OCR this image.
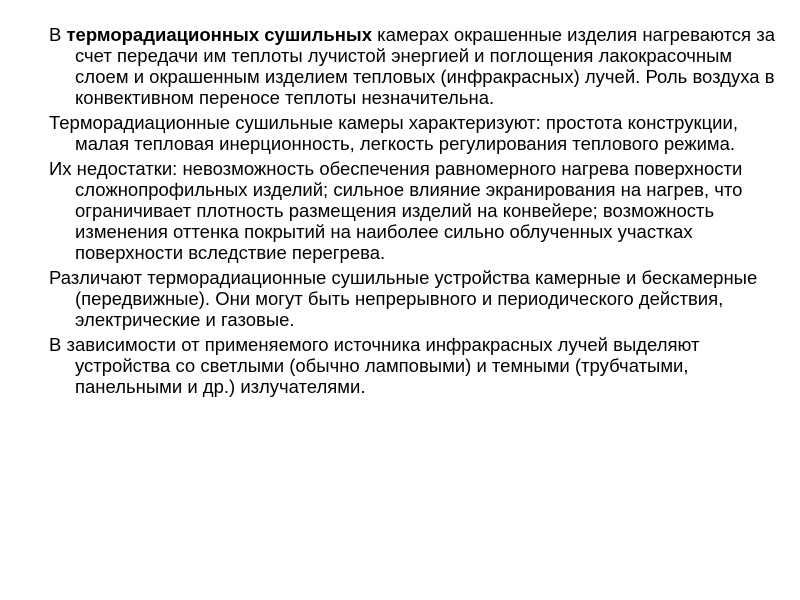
В терморадиационных сушильных камерах окрашенные изделия нагреваются за счет передачи им теплоты лучистой энергией и поглощения лакокрасочным слоем и окрашенным изделием тепловых (инфракрасных) лучей. Роль воздуха в конвективном переносе теплоты незначительна.

Терморадиационные сушильные камеры характеризуют: простота конструкции, малая тепловая инерционность, легкость регулирования теплового режима.

Их недостатки: невозможность обеспечения равномерного нагрева поверхности сложнопрофильных изделий; сильное влияние экранирования на нагрев, что ограничивает плотность размещения изделий на конвейере; возможность изменения оттенка покрытий на наиболее сильно облученных участках поверхности вследствие перегрева.

Различают терморадиационные сушильные устройства камерные и бескамерные (передвижные). Они могут быть непрерывного и периодического действия, электрические и газовые.

В зависимости от применяемого источника инфракрасных лучей выделяют устройства со светлыми (обычно ламповыми) и темными (трубчатыми, панельными и др.) излучателями.
